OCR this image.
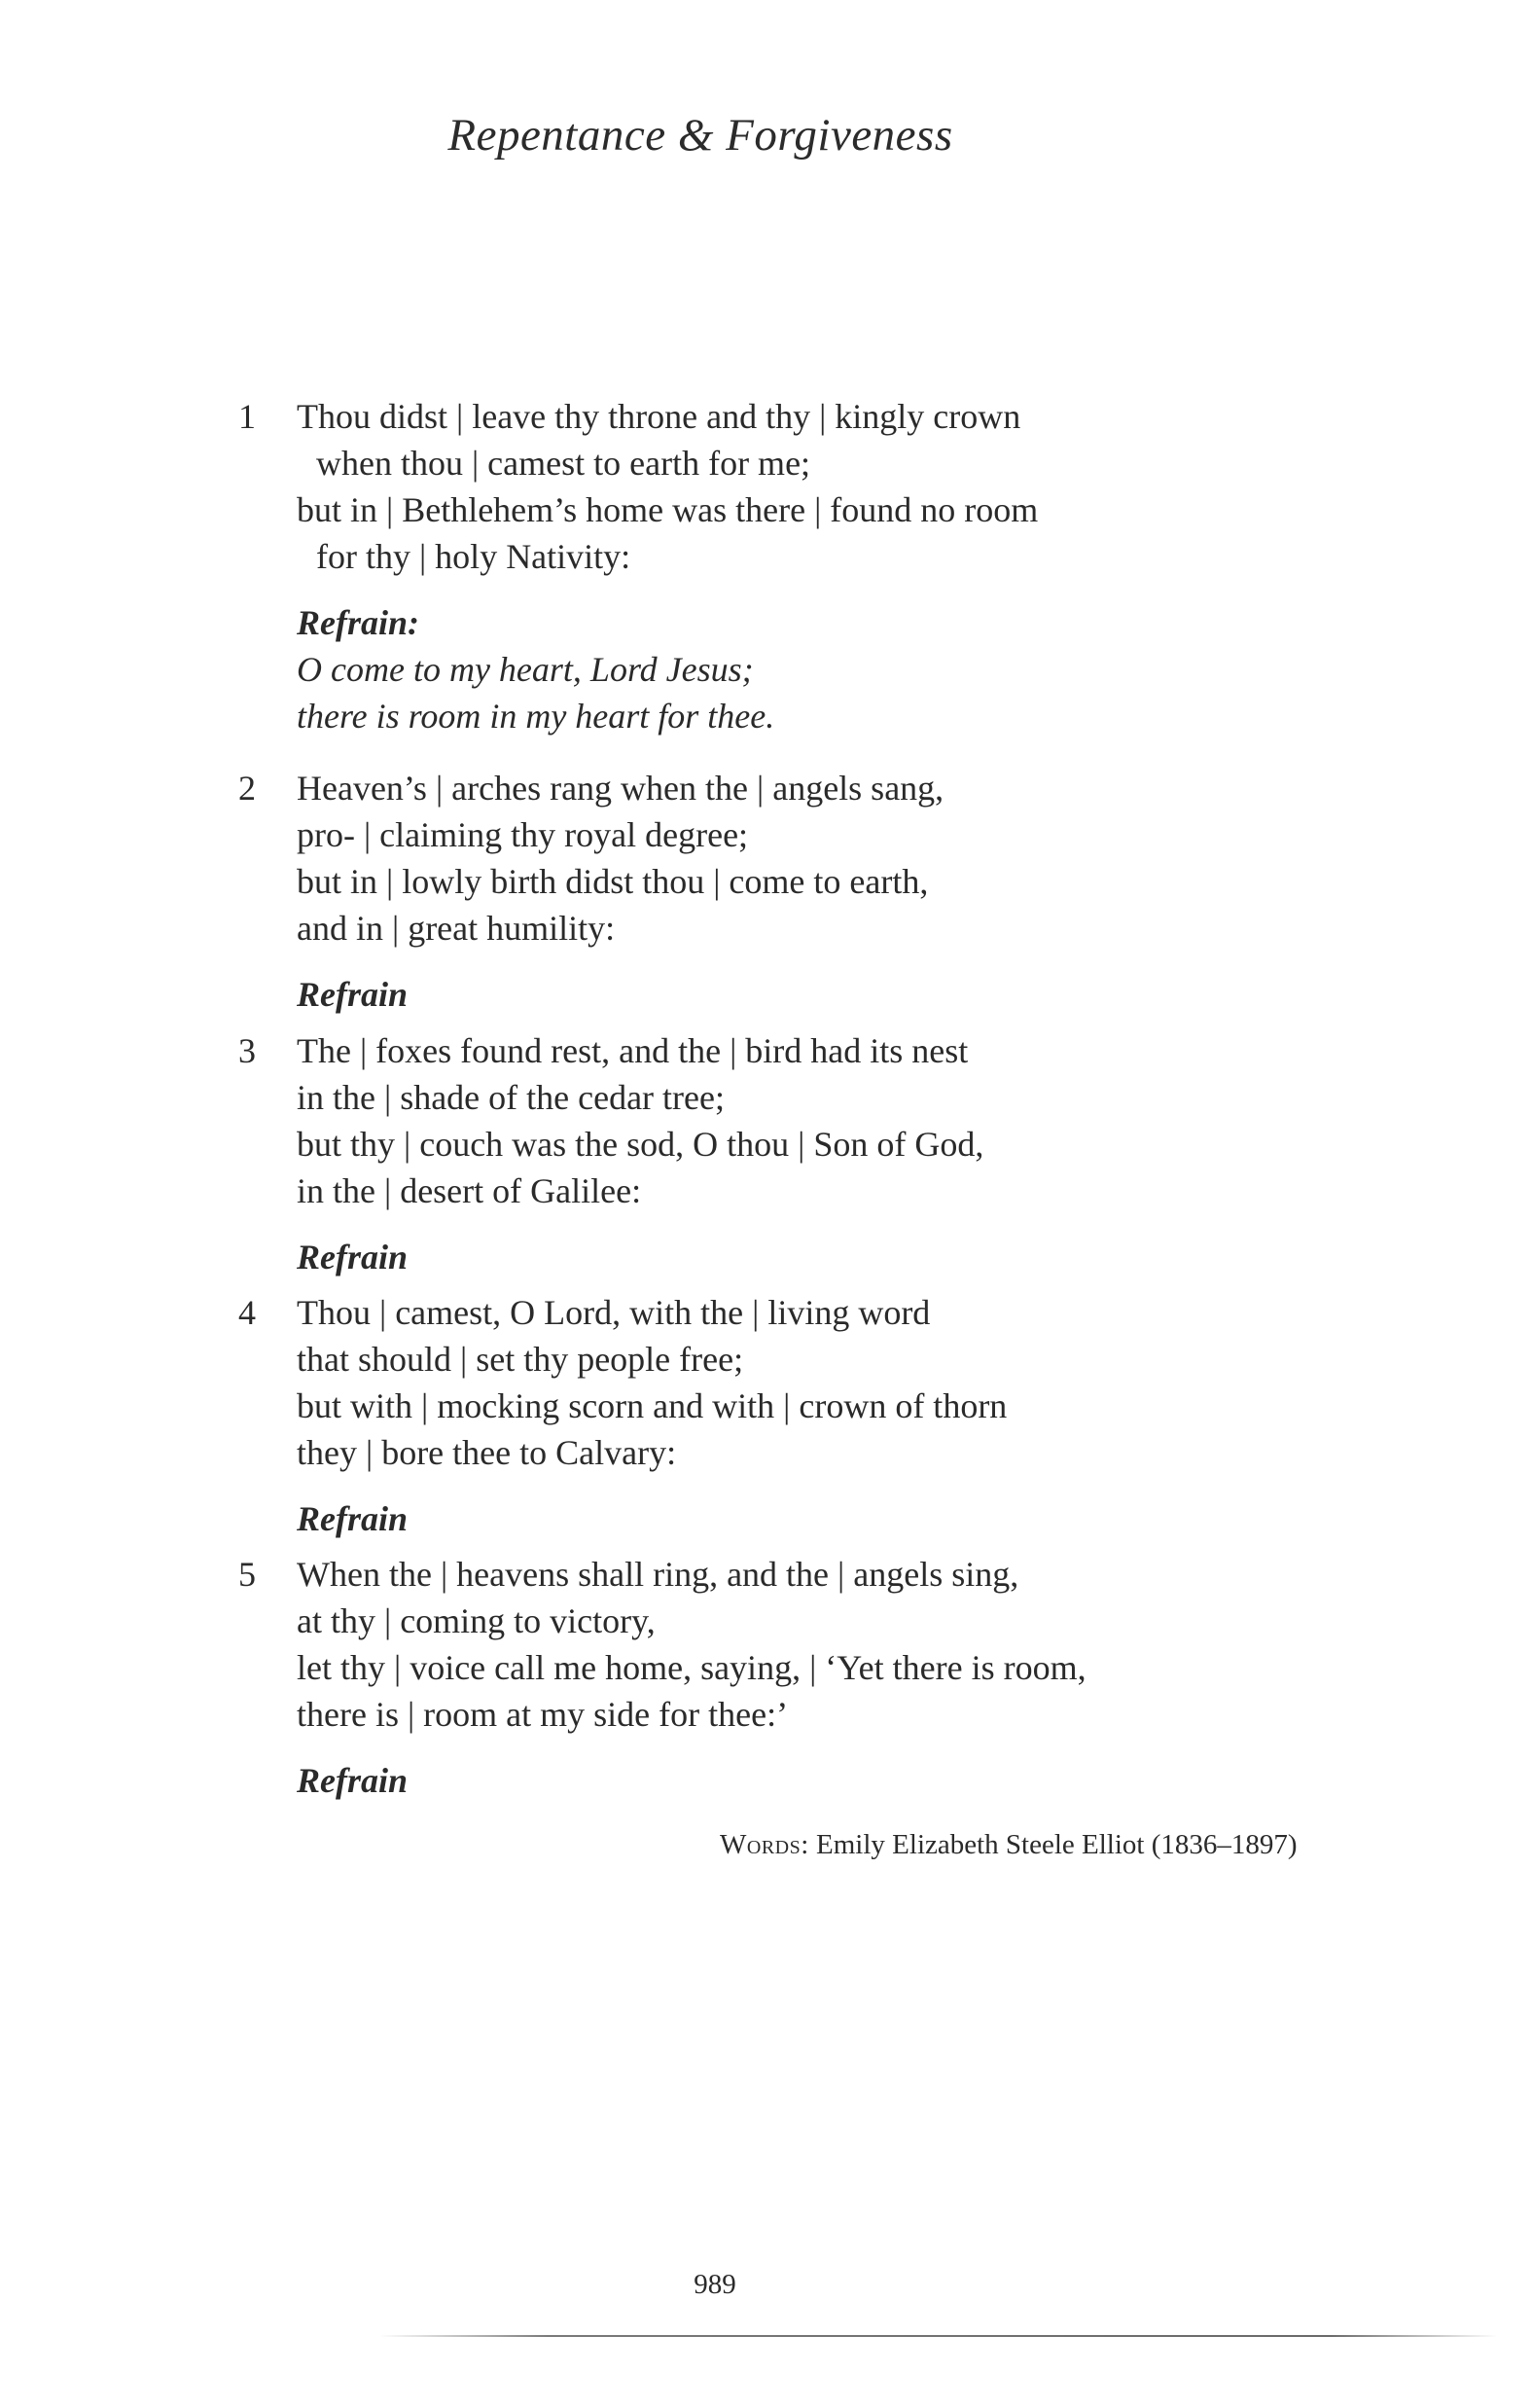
Repentance & Forgiveness
1 Thou didst | leave thy throne and thy | kingly crown
when thou | camest to earth for me;
but in | Bethlehem’s home was there | found no room
for thy | holy Nativity:
Refrain:
O come to my heart, Lord Jesus;
there is room in my heart for thee.
2 Heaven’s | arches rang when the | angels sang,
pro- | claiming thy royal degree;
but in | lowly birth didst thou | come to earth,
and in | great humility:
Refrain
3 The | foxes found rest, and the | bird had its nest
in the | shade of the cedar tree;
but thy | couch was the sod, O thou | Son of God,
in the | desert of Galilee:
Refrain
4 Thou | camest, O Lord, with the | living word
that should | set thy people free;
but with | mocking scorn and with | crown of thorn
they | bore thee to Calvary:
Refrain
5 When the | heavens shall ring, and the | angels sing,
at thy | coming to victory,
let thy | voice call me home, saying, | ‘Yet there is room,
there is | room at my side for thee:’
Refrain
Words: Emily Elizabeth Steele Elliot (1836–1897)
989
